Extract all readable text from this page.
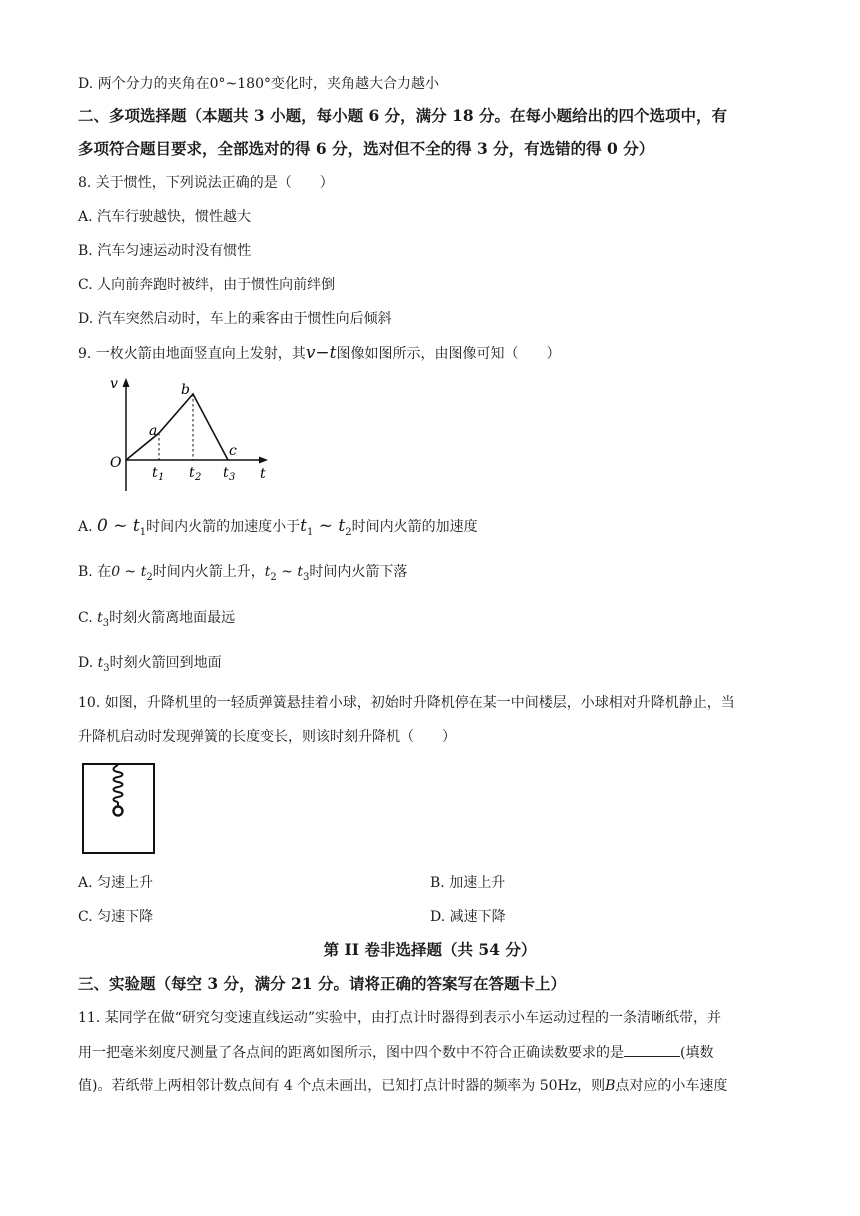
D. 两个分力的夹角在0°~180°变化时，夹角越大合力越小
二、多项选择题（本题共 3 小题，每小题 6 分，满分 18 分。在每小题给出的四个选项中，有
多项符合题目要求，全部选对的得 6 分，选对但不全的得 3 分，有选错的得 0 分）
8. 关于惯性，下列说法正确的是（　　）
A. 汽车行驶越快，惯性越大
B. 汽车匀速运动时没有惯性
C. 人向前奔跑时被绊，由于惯性向前绊倒
D. 汽车突然启动时，车上的乘客由于惯性向后倾斜
9. 一枚火箭由地面竖直向上发射，其v−t图像如图所示，由图像可知（　　）
v
O
t
a
b
c
t 1 t 2 t 3
A. 0 ~ $t_1$时间内火箭的加速度小于$t_1$ ~ $t_2$时间内火箭的加速度
B. 在0 ~ $t_2$时间内火箭上升，$t_2$ ~ $t_3$时间内火箭下落
C. $t_3$时刻火箭离地面最远
D. $t_3$时刻火箭回到地面
10. 如图，升降机里的一轻质弹簧悬挂着小球，初始时升降机停在某一中间楼层，小球相对升降机静止，当
升降机启动时发现弹簧的长度变长，则该时刻升降机（　　）
A. 匀速上升	B. 加速上升
C. 匀速下降	D. 减速下降
第 II 卷非选择题（共 54 分）
三、实验题（每空 3 分，满分 21 分。请将正确的答案写在答题卡上）
11. 某同学在做“研究匀变速直线运动”实验中，由打点计时器得到表示小车运动过程的一条清晰纸带，并
用一把毫米刻度尺测量了各点间的距离如图所示，图中四个数中不符合正确读数要求的是	(填数
值)。若纸带上两相邻计数点间有 4 个点未画出，已知打点计时器的频率为 50Hz，则B点对应的小车速度
